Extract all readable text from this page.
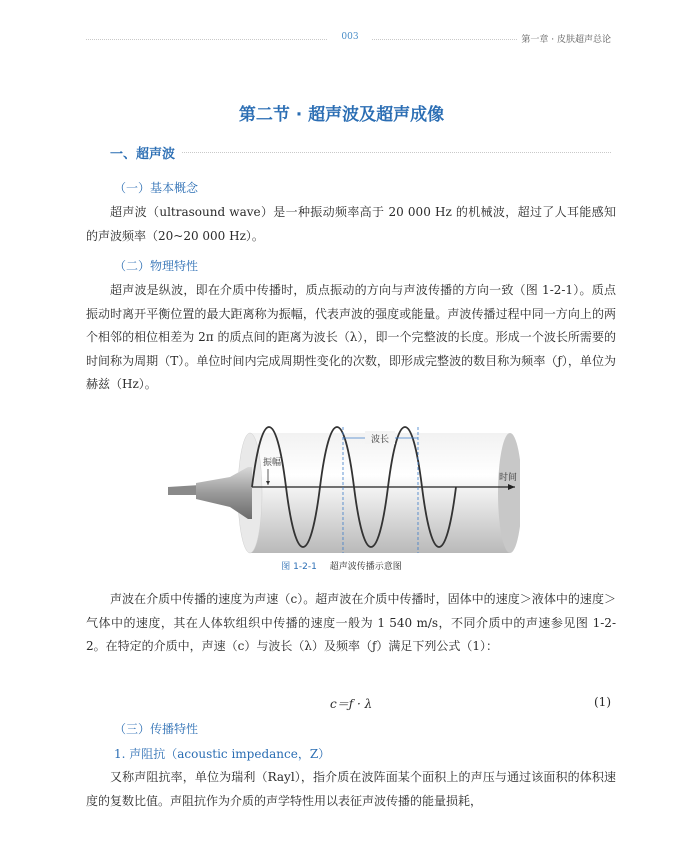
003	第一章 · 皮肤超声总论
第二节 · 超声波及超声成像
一、超声波
（一）基本概念
超声波（ultrasound wave）是一种振动频率高于 20 000 Hz 的机械波，超过了人耳能感知的声波频率（20~20 000 Hz）。
（二）物理特性
超声波是纵波，即在介质中传播时，质点振动的方向与声波传播的方向一致（图 1-2-1）。质点振动时离开平衡位置的最大距离称为振幅，代表声波的强度或能量。声波传播过程中同一方向上的两个相邻的相位相差为 2π 的质点间的距离为波长（λ），即一个完整波的长度。形成一个波长所需要的时间称为周期（T）。单位时间内完成周期性变化的次数，即形成完整波的数目称为频率（ƒ），单位为赫兹（Hz）。
波长
振幅
时间
图 1-2-1 超声波传播示意图
声波在介质中传播的速度为声速（c）。超声波在介质中传播时，固体中的速度＞液体中的速度＞气体中的速度，其在人体软组织中传播的速度一般为 1 540 m/s，不同介质中的声速参见图 1-2-2。在特定的介质中，声速（c）与波长（λ）及频率（ƒ）满足下列公式（1）：
c＝ƒ · λ	(1)
（三）传播特性
1. 声阻抗（acoustic impedance，Z）
又称声阻抗率，单位为瑞利（Rayl），指介质在波阵面某个面积上的声压与通过该面积的体积速度的复数比值。声阻抗作为介质的声学特性用以表征声波传播的能量损耗，
